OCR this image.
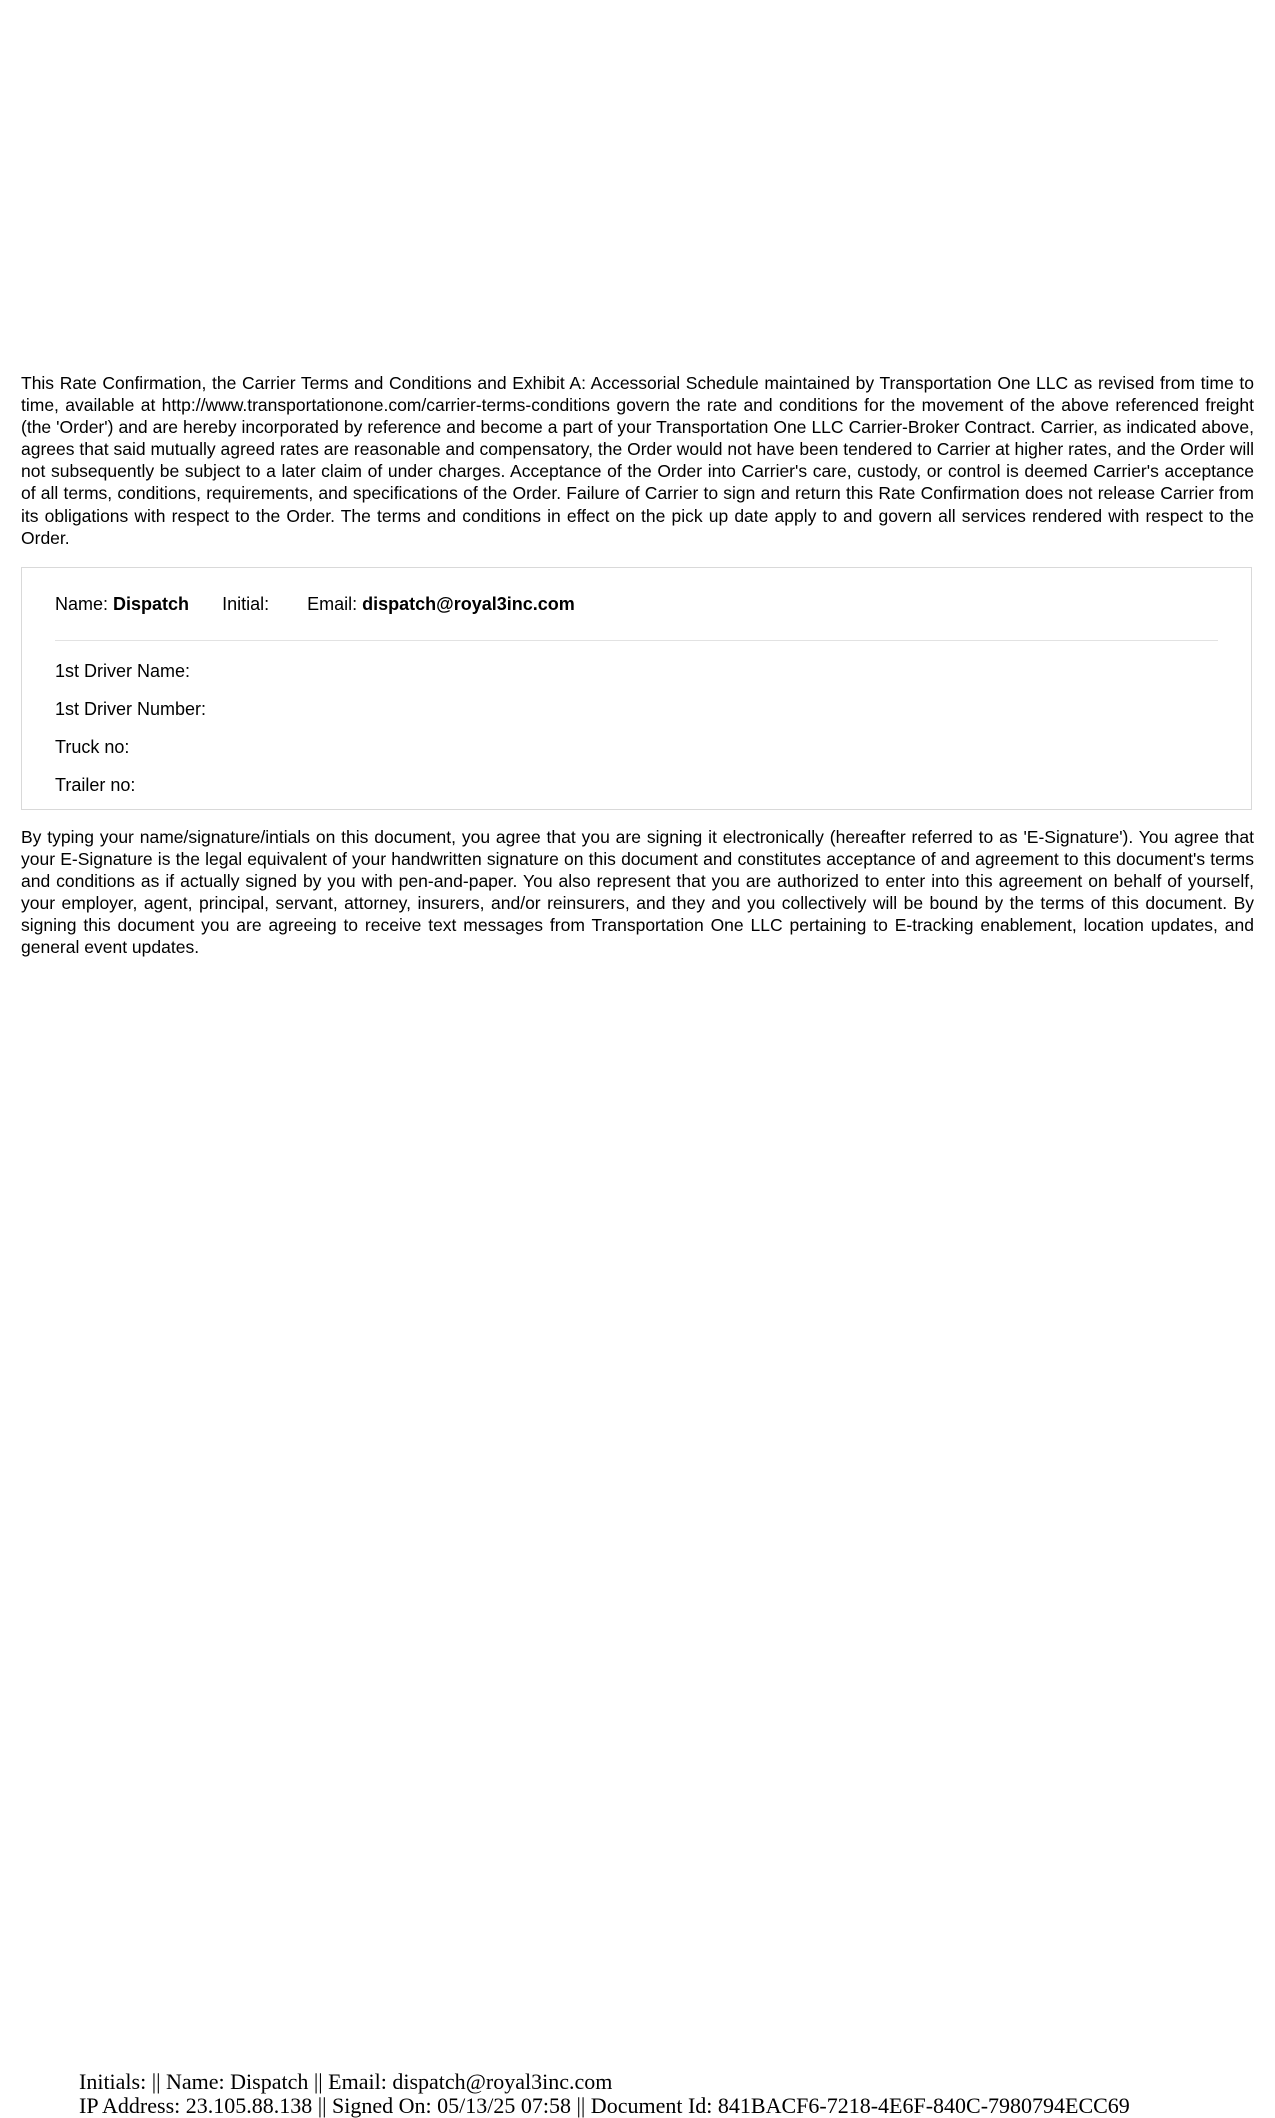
This Rate Confirmation, the Carrier Terms and Conditions and Exhibit A: Accessorial Schedule maintained by Transportation One LLC as revised from time to time, available at http://www.transportationone.com/carrier-terms-conditions govern the rate and conditions for the movement of the above referenced freight (the 'Order') and are hereby incorporated by reference and become a part of your Transportation One LLC Carrier-Broker Contract. Carrier, as indicated above, agrees that said mutually agreed rates are reasonable and compensatory, the Order would not have been tendered to Carrier at higher rates, and the Order will not subsequently be subject to a later claim of under charges. Acceptance of the Order into Carrier's care, custody, or control is deemed Carrier's acceptance of all terms, conditions, requirements, and specifications of the Order. Failure of Carrier to sign and return this Rate Confirmation does not release Carrier from its obligations with respect to the Order. The terms and conditions in effect on the pick up date apply to and govern all services rendered with respect to the Order.

Name: Dispatch Initial: Email: dispatch@royal3inc.com
1st Driver Name:
1st Driver Number:
Truck no:
Trailer no:

By typing your name/signature/intials on this document, you agree that you are signing it electronically (hereafter referred to as 'E-Signature'). You agree that your E-Signature is the legal equivalent of your handwritten signature on this document and constitutes acceptance of and agreement to this document's terms and conditions as if actually signed by you with pen-and-paper. You also represent that you are authorized to enter into this agreement on behalf of yourself, your employer, agent, principal, servant, attorney, insurers, and/or reinsurers, and they and you collectively will be bound by the terms of this document. By signing this document you are agreeing to receive text messages from Transportation One LLC pertaining to E-tracking enablement, location updates, and general event updates.

Initials: || Name: Dispatch || Email: dispatch@royal3inc.com
IP Address: 23.105.88.138 || Signed On: 05/13/25 07:58 || Document Id: 841BACF6-7218-4E6F-840C-7980794ECC69
